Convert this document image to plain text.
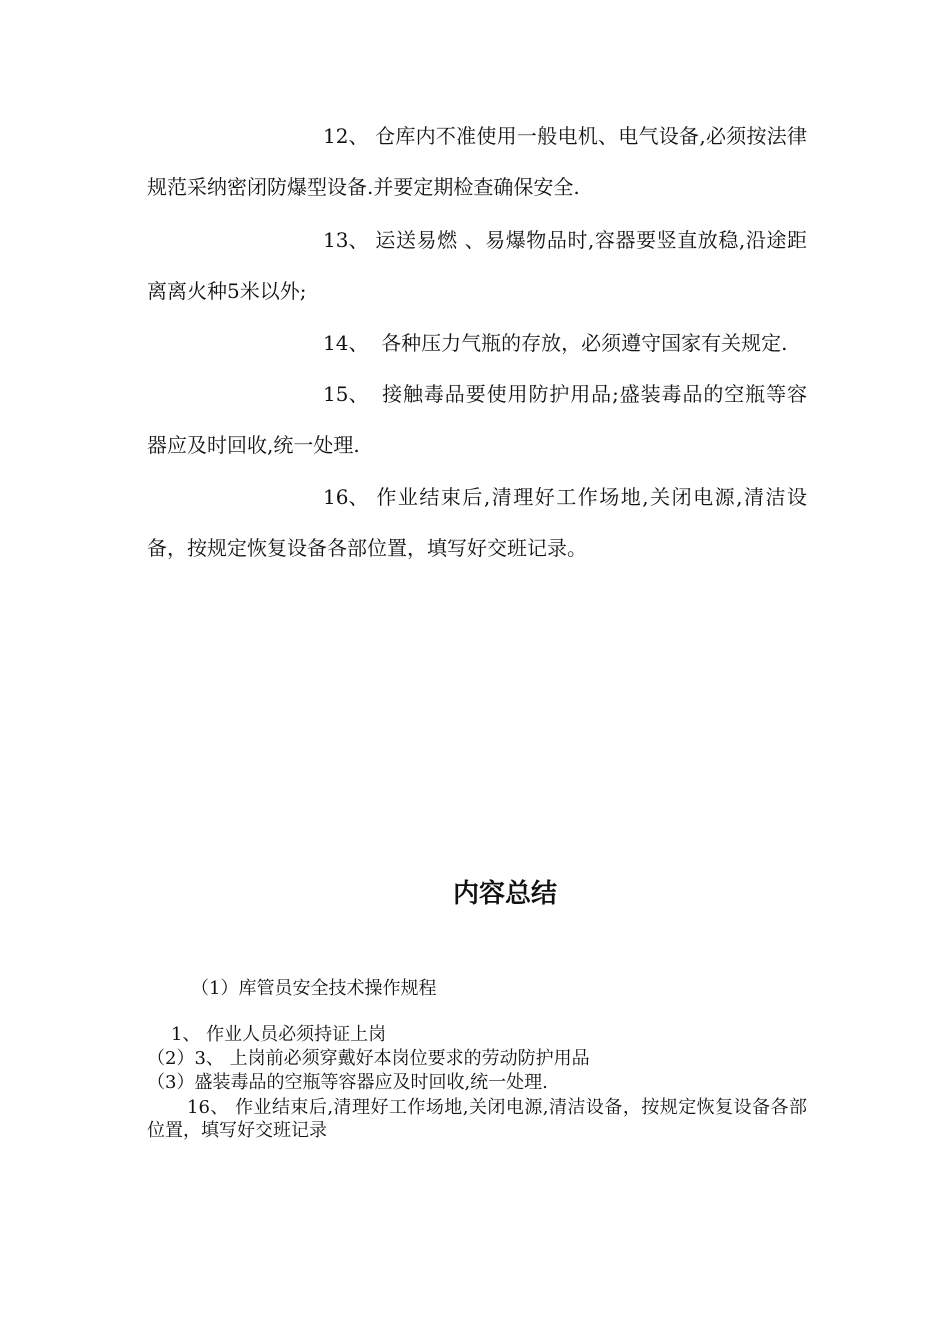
12、 仓库内不准使用一般电机、电气设备,必须按法律规范采纳密闭防爆型设备.并要定期检查确保安全.

13、 运送易燃 、易爆物品时,容器要竖直放稳,沿途距离离火种5米以外;

14、  各种压力气瓶的存放，必须遵守国家有关规定.

15、  接触毒品要使用防护用品;盛装毒品的空瓶等容器应及时回收,统一处理.

16、 作业结束后,清理好工作场地,关闭电源,清洁设备，按规定恢复设备各部位置，填写好交班记录。

内容总结

（1）库管员安全技术操作规程

1、 作业人员必须持证上岗

（2）3、 上岗前必须穿戴好本岗位要求的劳动防护用品

（3）盛装毒品的空瓶等容器应及时回收,统一处理.

16、 作业结束后,清理好工作场地,关闭电源,清洁设备，按规定恢复设备各部位置，填写好交班记录
